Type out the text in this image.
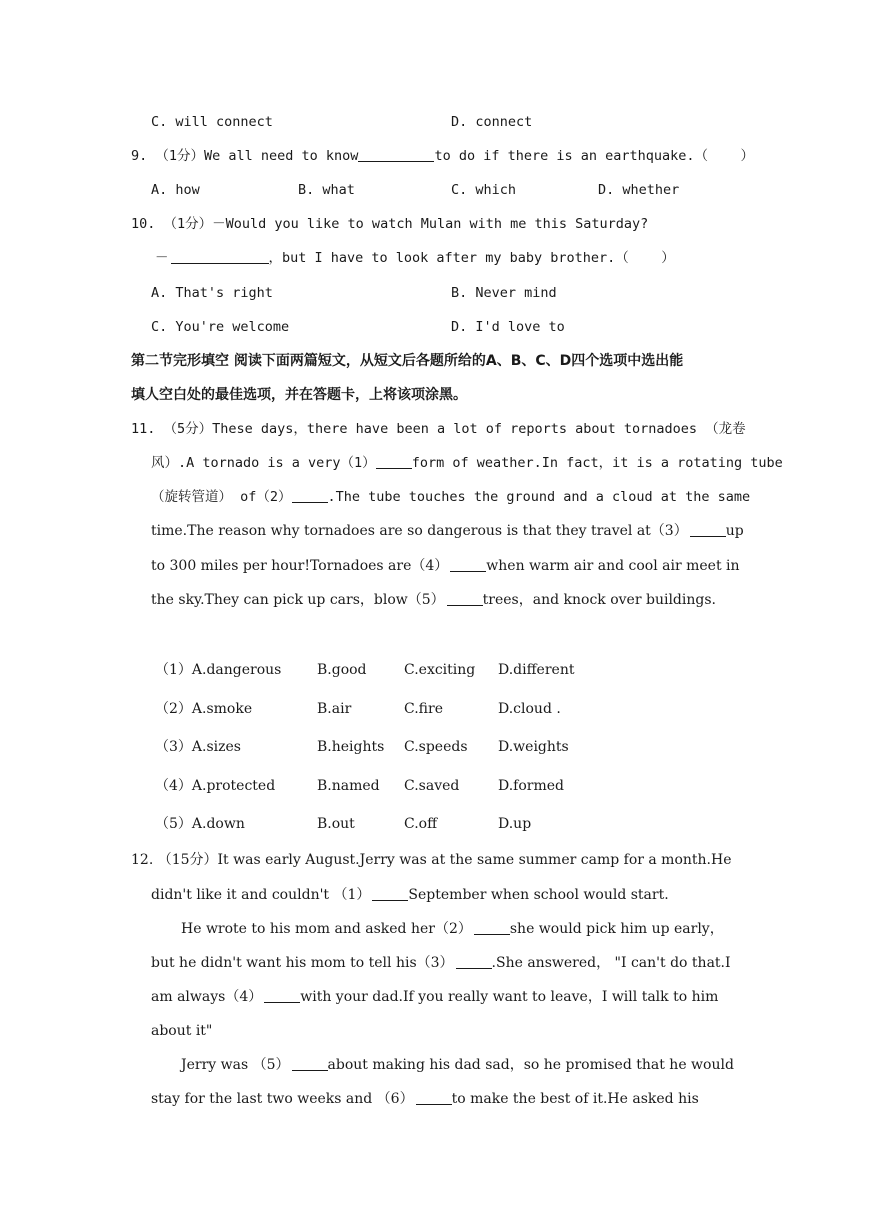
C. will connect	D. connect
9. （1分）We all need to know	to do if there is an earthquake.（    ）
A. how	B. what	C. which	D. whether
10. （1分）－Would you like to watch Mulan with me this Saturday?
－	，but I have to look after my baby brother.（    ）
A. That's right	B. Never mind
C. You're welcome	D. I'd love to
第二节完形填空 阅读下面两篇短文，从短文后各题所给的A、B、C、D四个选项中选出能
填人空白处的最佳选项，并在答题卡，上将该项涂黑。
11. （5分）These days，there have been a lot of reports about tornadoes （龙卷
风）.A tornado is a very（1）	form of weather.In fact，it is a rotating tube
（旋转管道） of（2）	.The tube touches the ground and a cloud at the same
time.The reason why tornadoes are so dangerous is that they travel at（3）	up
to 300 miles per hour!Tornadoes are（4）	when warm air and cool air meet in
the sky.They can pick up cars，blow（5）	trees，and knock over buildings.
（1）A.dangerous	B.good	C.exciting D.different
（2）A.smoke	B.air	C.fire	D.cloud .
（3）A.sizes	B.heights C.speeds D.weights
（4）A.protected	B.named C.saved	D.formed
（5）A.down	B.out	C.off	D.up
12. （15分）It was early August.Jerry was at the same summer camp for a month.He
didn't like it and couldn't （1）	September when school would start.
He wrote to his mom and asked her（2）	she would pick him up early，
but he didn't want his mom to tell his（3）	.She answered， "I can't do that.I
am always（4）	with your dad.If you really want to leave，I will talk to him
about it"
Jerry was （5）	about making his dad sad，so he promised that he would
stay for the last two weeks and （6）	to make the best of it.He asked his
